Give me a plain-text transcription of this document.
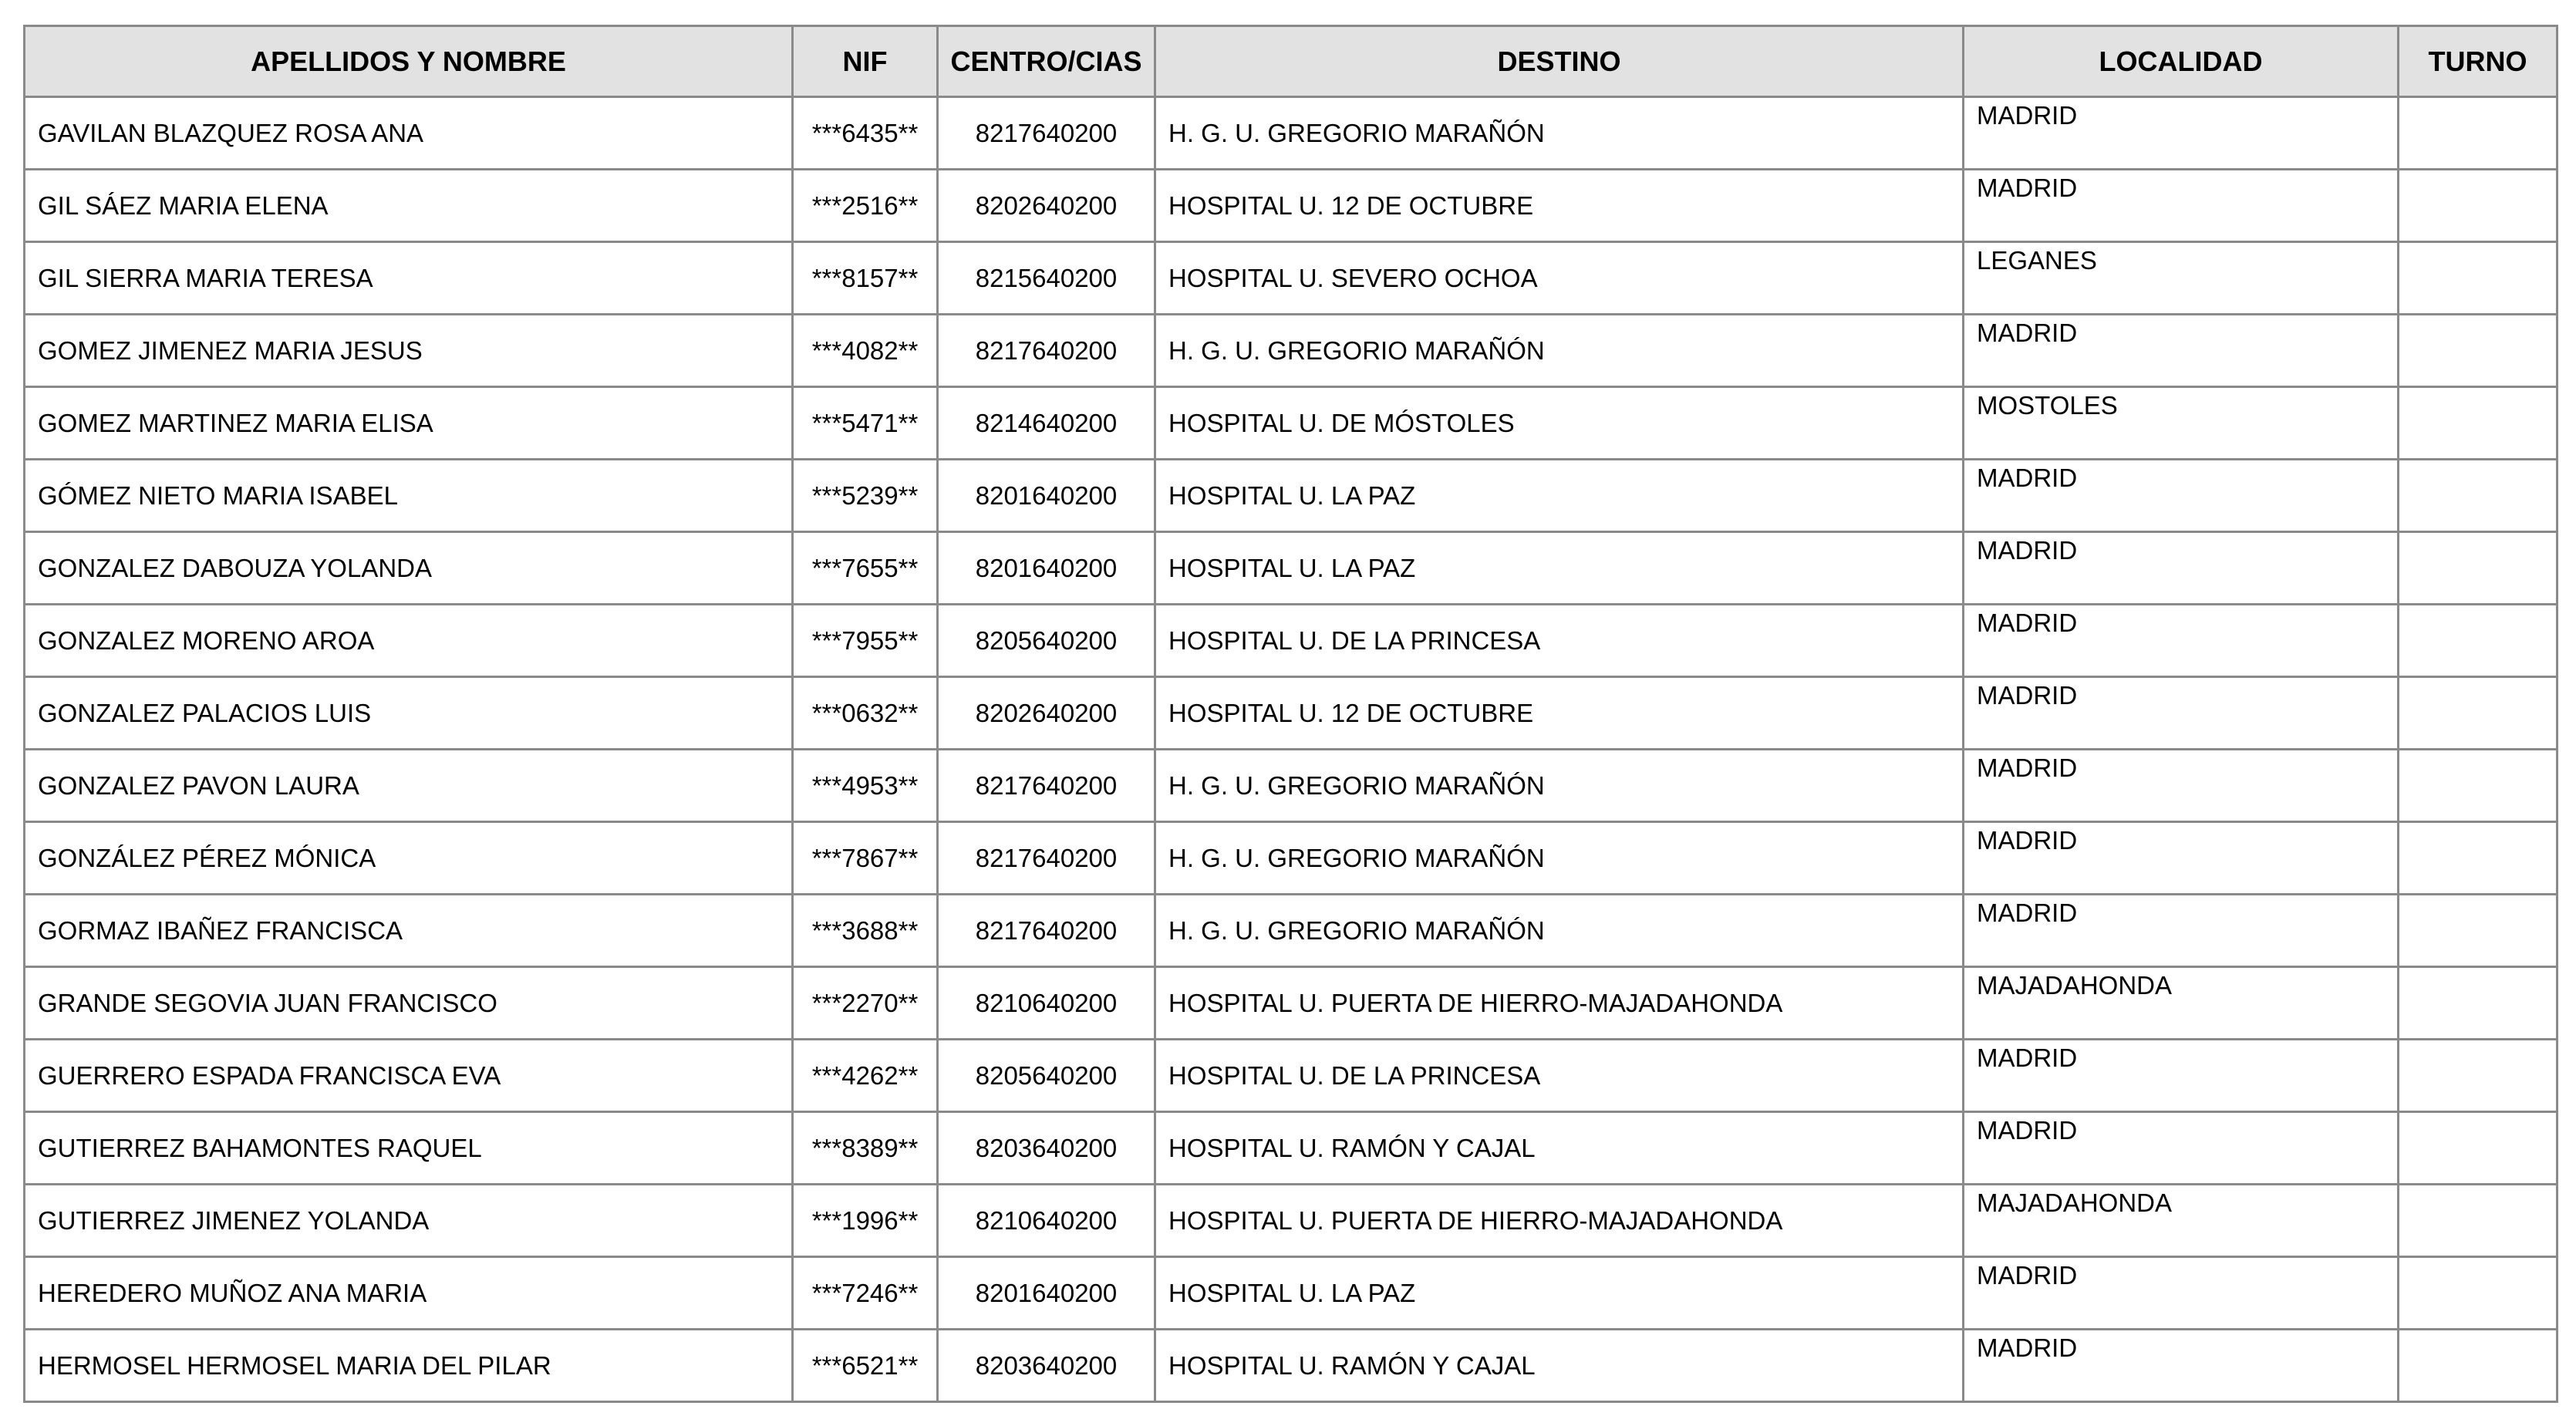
APELLIDOS Y NOMBRE	NIF	CENTRO/CIAS	DESTINO	LOCALIDAD	TURNO
GAVILAN BLAZQUEZ ROSA ANA	***6435**	8217640200	H. G. U. GREGORIO MARAÑÓN	MADRID	
GIL SÁEZ MARIA ELENA	***2516**	8202640200	HOSPITAL U. 12 DE OCTUBRE	MADRID	
GIL SIERRA MARIA TERESA	***8157**	8215640200	HOSPITAL U. SEVERO OCHOA	LEGANES	
GOMEZ JIMENEZ MARIA JESUS	***4082**	8217640200	H. G. U. GREGORIO MARAÑÓN	MADRID	
GOMEZ MARTINEZ MARIA ELISA	***5471**	8214640200	HOSPITAL U. DE MÓSTOLES	MOSTOLES	
GÓMEZ NIETO MARIA ISABEL	***5239**	8201640200	HOSPITAL U. LA PAZ	MADRID	
GONZALEZ DABOUZA YOLANDA	***7655**	8201640200	HOSPITAL U. LA PAZ	MADRID	
GONZALEZ MORENO AROA	***7955**	8205640200	HOSPITAL U. DE LA PRINCESA	MADRID	
GONZALEZ PALACIOS LUIS	***0632**	8202640200	HOSPITAL U. 12 DE OCTUBRE	MADRID	
GONZALEZ PAVON LAURA	***4953**	8217640200	H. G. U. GREGORIO MARAÑÓN	MADRID	
GONZÁLEZ PÉREZ MÓNICA	***7867**	8217640200	H. G. U. GREGORIO MARAÑÓN	MADRID	
GORMAZ IBAÑEZ FRANCISCA	***3688**	8217640200	H. G. U. GREGORIO MARAÑÓN	MADRID	
GRANDE SEGOVIA JUAN FRANCISCO	***2270**	8210640200	HOSPITAL U. PUERTA DE HIERRO-MAJADAHONDA	MAJADAHONDA	
GUERRERO ESPADA FRANCISCA EVA	***4262**	8205640200	HOSPITAL U. DE LA PRINCESA	MADRID	
GUTIERREZ BAHAMONTES RAQUEL	***8389**	8203640200	HOSPITAL U. RAMÓN Y CAJAL	MADRID	
GUTIERREZ JIMENEZ YOLANDA	***1996**	8210640200	HOSPITAL U. PUERTA DE HIERRO-MAJADAHONDA	MAJADAHONDA	
HEREDERO MUÑOZ ANA MARIA	***7246**	8201640200	HOSPITAL U. LA PAZ	MADRID	
HERMOSEL HERMOSEL MARIA DEL PILAR	***6521**	8203640200	HOSPITAL U. RAMÓN Y CAJAL	MADRID	
